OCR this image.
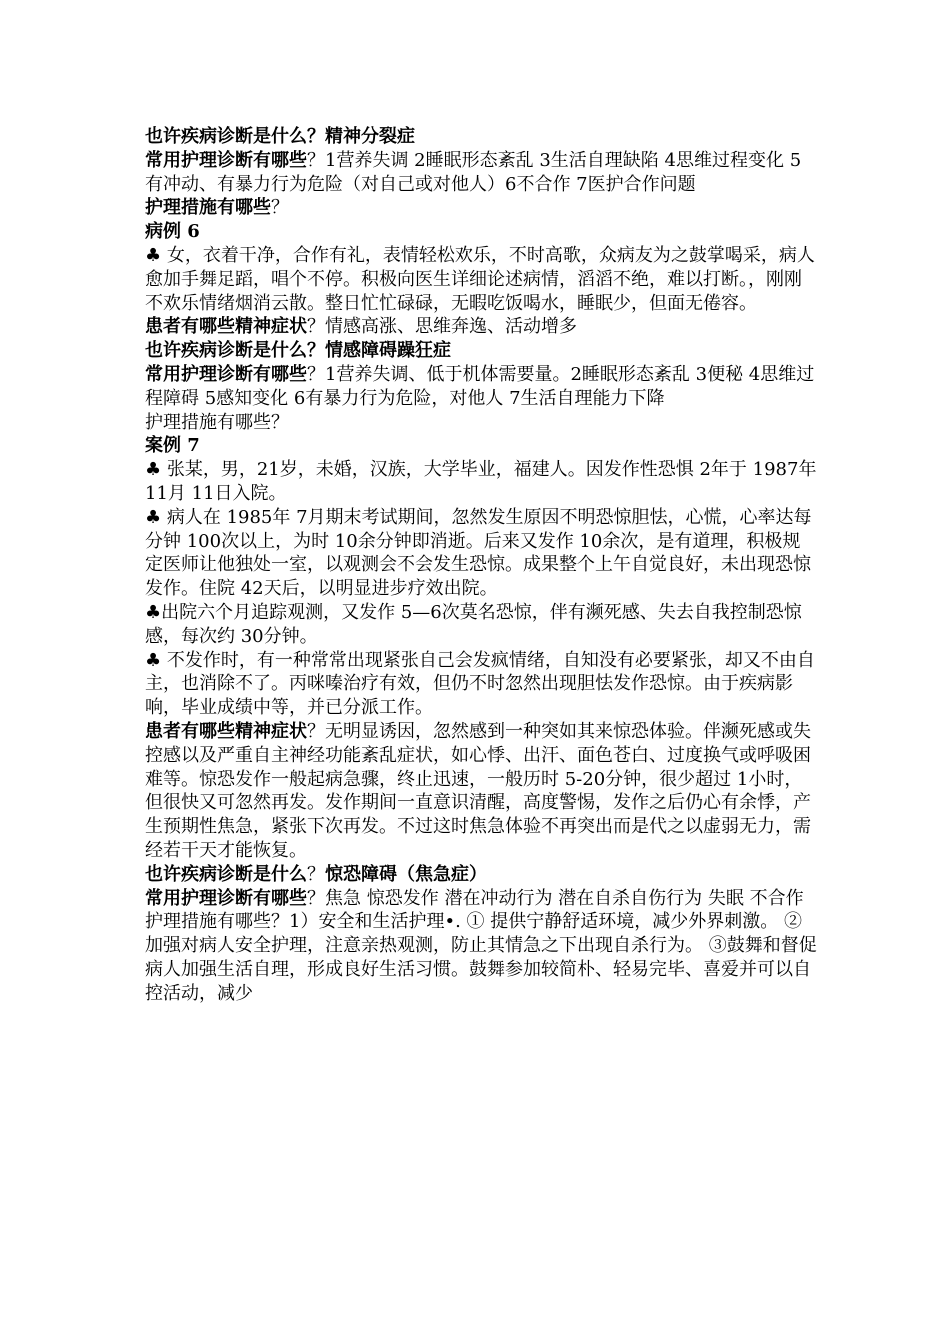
也许疾病诊断是什么？精神分裂症

常用护理诊断有哪些？1营养失调 2睡眠形态紊乱 3生活自理缺陷 4思维过程变化 5有冲动、有暴力行为危险（对自己或对他人）6不合作 7医护合作问题

护理措施有哪些？

病例 6

♣ 女，衣着干净，合作有礼，表情轻松欢乐，不时高歌，众病友为之鼓掌喝采，病人愈加手舞足蹈，唱个不停。积极向医生详细论述病情，滔滔不绝，难以打断。，刚刚不欢乐情绪烟消云散。整日忙忙碌碌，无暇吃饭喝水，睡眠少，但面无倦容。

患者有哪些精神症状？情感高涨、思维奔逸、活动增多

也许疾病诊断是什么？情感障碍躁狂症

常用护理诊断有哪些？1营养失调、低于机体需要量。2睡眠形态紊乱 3便秘 4思维过程障碍 5感知变化 6有暴力行为危险，对他人 7生活自理能力下降

护理措施有哪些？

案例 7

♣ 张某，男，21岁，未婚，汉族，大学毕业，福建人。因发作性恐惧 2年于 1987年 11月 11日入院。

♣ 病人在 1985年 7月期末考试期间，忽然发生原因不明恐惊胆怯，心慌，心率达每分钟 100次以上，为时 10余分钟即消逝。后来又发作 10余次，是有道理，积极规定医师让他独处一室，以观测会不会发生恐惊。成果整个上午自觉良好，未出现恐惊发作。住院 42天后，以明显进步疗效出院。

♣出院六个月追踪观测，又发作 5—6次莫名恐惊，伴有濒死感、失去自我控制恐惊感，每次约 30分钟。

♣ 不发作时，有一种常常出现紧张自己会发疯情绪，自知没有必要紧张，却又不由自主，也消除不了。丙咪嗪治疗有效，但仍不时忽然出现胆怯发作恐惊。由于疾病影响，毕业成绩中等，并已分派工作。

患者有哪些精神症状？无明显诱因，忽然感到一种突如其来惊恐体验。伴濒死感或失控感以及严重自主神经功能紊乱症状，如心悸、出汗、面色苍白、过度换气或呼吸困难等。惊恐发作一般起病急骤，终止迅速，一般历时 5-20分钟，很少超过 1小时，但很快又可忽然再发。发作期间一直意识清醒，高度警惕，发作之后仍心有余悸，产生预期性焦急，紧张下次再发。不过这时焦急体验不再突出而是代之以虚弱无力，需经若干天才能恢复。

也许疾病诊断是什么？惊恐障碍（焦急症）

常用护理诊断有哪些？焦急 惊恐发作 潜在冲动行为 潜在自杀自伤行为 失眠 不合作

护理措施有哪些？1）安全和生活护理•. ① 提供宁静舒适环境，减少外界刺激。 ②加强对病人安全护理，注意亲热观测，防止其情急之下出现自杀行为。 ③鼓舞和督促病人加强生活自理，形成良好生活习惯。鼓舞参加较简朴、轻易完毕、喜爱并可以自控活动，减少
